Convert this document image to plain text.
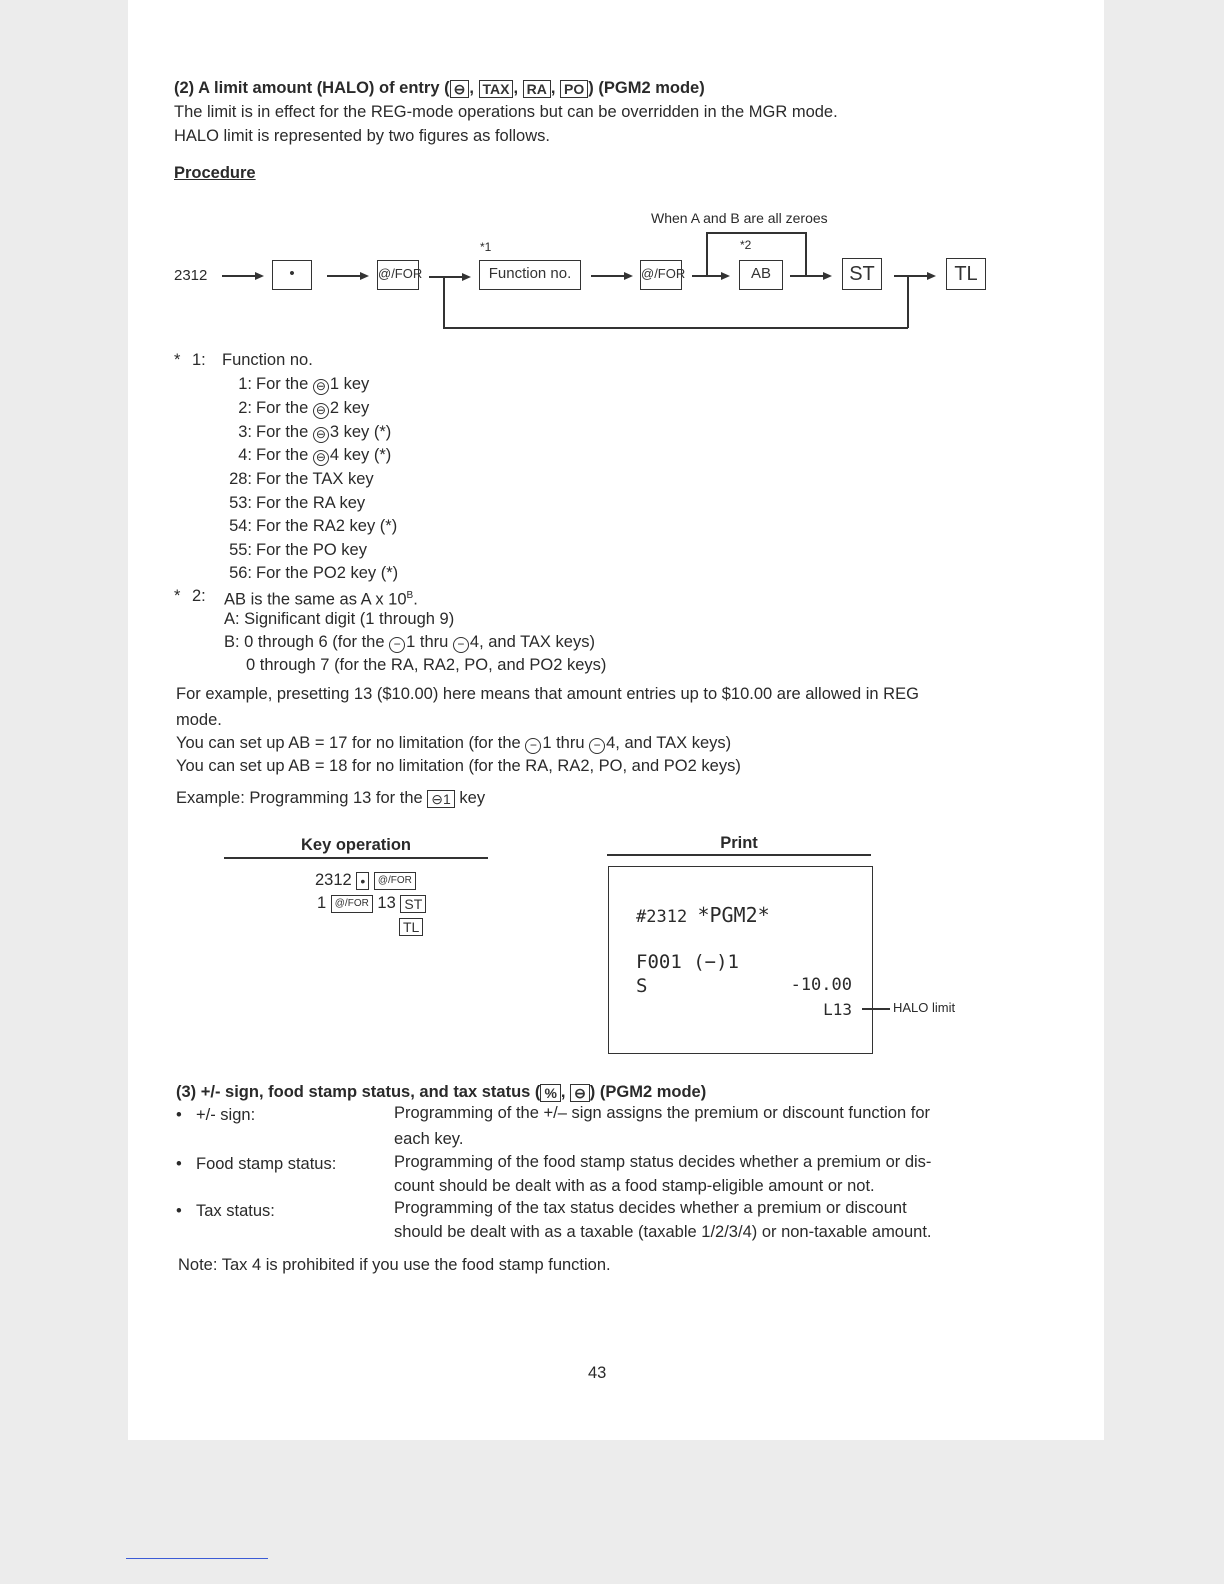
(2) A limit amount (HALO) of entry ( ⊖ , TAX , RA , PO ) (PGM2 mode)
The limit is in effect for the REG-mode operations but can be overridden in the MGR mode.
HALO limit is represented by two figures as follows.
Procedure
When A and B are all zeroes
*1	*2
2312	•	@/FOR	Function no.	@/FOR	AB	ST	TL
* 1: Function no.
1: For the ⊖ 1 key
2: For the ⊖ 2 key
3: For the ⊖ 3 key (*)
4: For the ⊖ 4 key (*)
28: For the TAX key
53: For the RA key
54: For the RA2 key (*)
55: For the PO key
56: For the PO2 key (*)
* 2: AB is the same as A x $10^B$.
A: Significant digit (1 through 9)
B: 0 through 6 (for the − 1 thru − 4, and TAX keys)
0 through 7 (for the RA, RA2, PO, and PO2 keys)
For example, presetting 13 ($10.00) here means that amount entries up to $10.00 are allowed in REG
mode.
You can set up AB = 17 for no limitation (for the − 1 thru − 4, and TAX keys)
You can set up AB = 18 for no limitation (for the RA, RA2, PO, and PO2 keys)
Example: Programming 13 for the ⊖1 key
Key operation
2312 • @/FOR
1 @/FOR 13 ST
TL
Print
#2312 *PGM2*
F001 (−)1
S	-10.00
L13	HALO limit
(3) +/- sign, food stamp status, and tax status ( % , ⊖ ) (PGM2 mode)
• +/- sign:	Programming of the +/– sign assigns the premium or discount function for
each key.
• Food stamp status:	Programming of the food stamp status decides whether a premium or dis-
count should be dealt with as a food stamp-eligible amount or not.
• Tax status:	Programming of the tax status decides whether a premium or discount
should be dealt with as a taxable (taxable 1/2/3/4) or non-taxable amount.
Note: Tax 4 is prohibited if you use the food stamp function.
43
